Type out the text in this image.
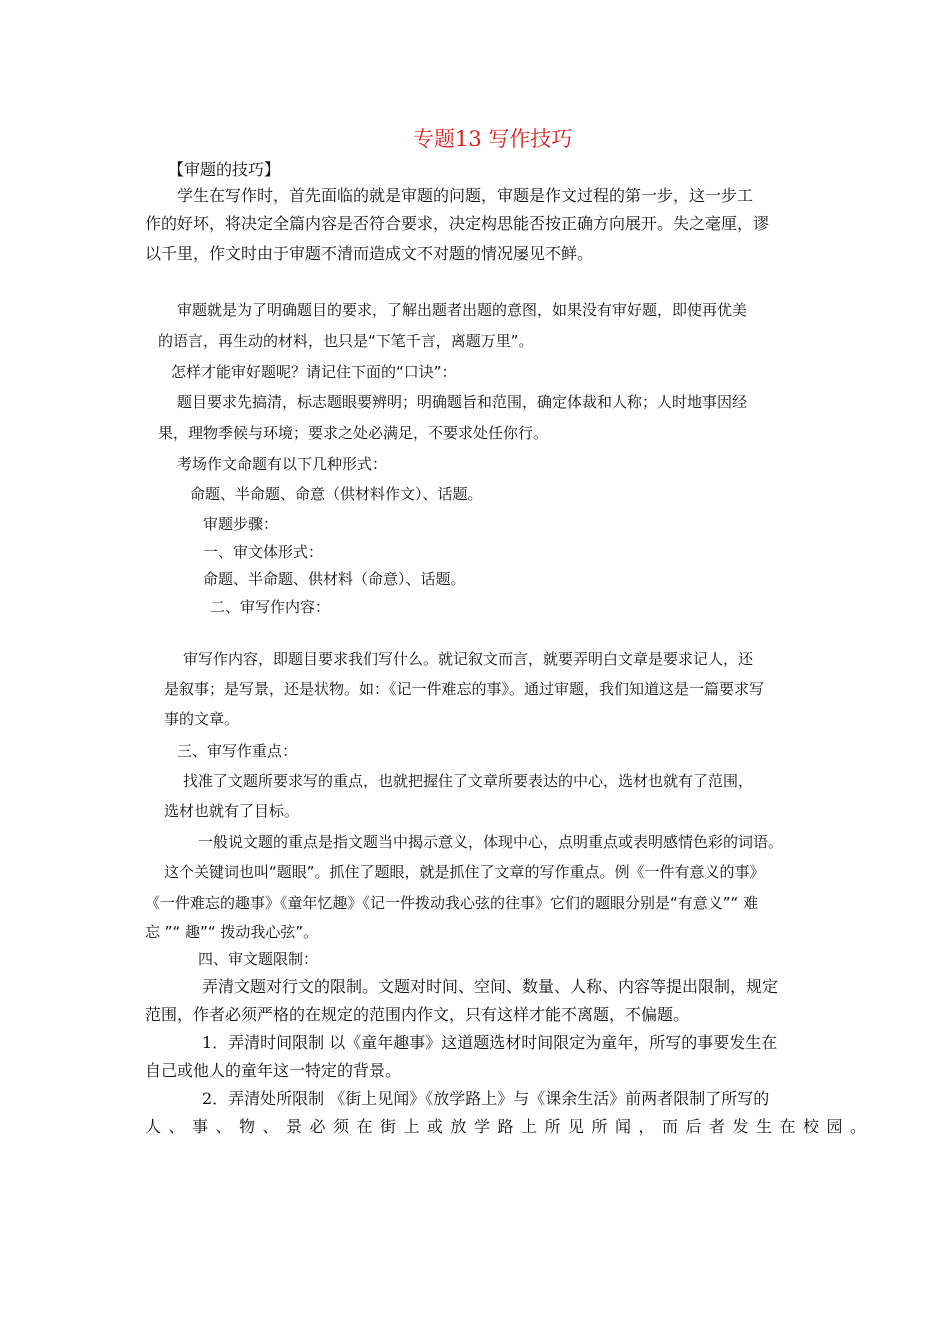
专题13 写作技巧
【审题的技巧】
学生在写作时，首先面临的就是审题的问题，审题是作文过程的第一步，这一步工
作的好坏，将决定全篇内容是否符合要求，决定构思能否按正确方向展开。失之毫厘，谬
以千里，作文时由于审题不清而造成文不对题的情况屡见不鲜。
审题就是为了明确题目的要求，了解出题者出题的意图，如果没有审好题，即使再优美
的语言，再生动的材料，也只是“下笔千言，离题万里”。
怎样才能审好题呢？请记住下面的“口诀”：
题目要求先搞清，标志题眼要辨明；明确题旨和范围，确定体裁和人称；人时地事因经
果，理物季候与环境；要求之处必满足，不要求处任你行。
考场作文命题有以下几种形式：
命题、半命题、命意（供材料作文）、话题。
审题步骤：
一、审文体形式：
命题、半命题、供材料（命意）、话题。
二、审写作内容：
审写作内容，即题目要求我们写什么。就记叙文而言，就要弄明白文章是要求记人，还
是叙事；是写景，还是状物。如：《记一件难忘的事》。通过审题，我们知道这是一篇要求写
事的文章。
三、审写作重点：
找准了文题所要求写的重点，也就把握住了文章所要表达的中心，选材也就有了范围，
选材也就有了目标。
一般说文题的重点是指文题当中揭示意义，体现中心，点明重点或表明感情色彩的词语。
这个关键词也叫“题眼”。抓住了题眼，就是抓住了文章的写作重点。例《一件有意义的事》
《一件难忘的趣事》《童年忆趣》《记一件拨动我心弦的往事》它们的题眼分别是“有意义”“ 难
忘 ”“ 趣”“ 拨动我心弦”。
四、审文题限制：
弄清文题对行文的限制。文题对时间、空间、数量、人称、内容等提出限制，规定
范围，作者必须严格的在规定的范围内作文，只有这样才能不离题，不偏题。
1．弄清时间限制 以《童年趣事》这道题选材时间限定为童年，所写的事要发生在
自己或他人的童年这一特定的背景。
2．弄清处所限制 《街上见闻》《放学路上》与《课余生活》前两者限制了所写的
人、事、物、景必须在街上或放学路上所见所闻，而后者发生在校园。
